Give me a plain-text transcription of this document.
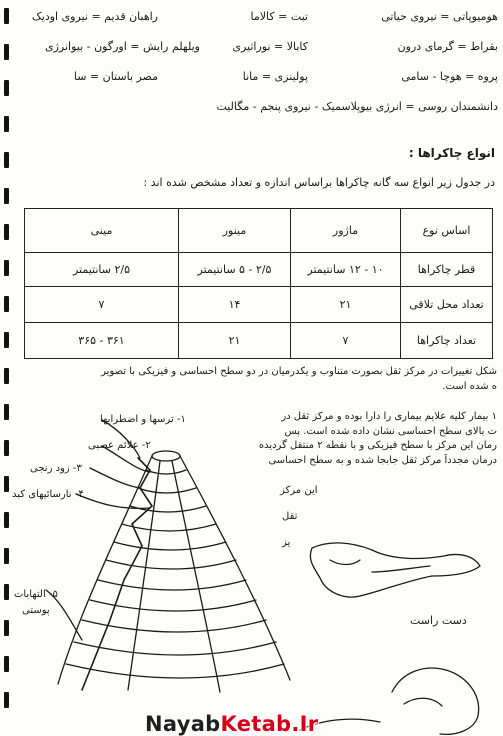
هومیوپاتی = نیروی حیاتی
تبت = کالاما
راهبان قدیم = نیروی اودیک
بقراط = گرمای درون
کابالا = نوراثیری
ویلهلم رایش = اورگون - بیوانرژی
پروه = هوچا - سامی
پولینزی = مانا
مصر باستان = سا
دانشمندان روسی = انرژی بیوپلاسمیک - نیروی پنجم - مگالیت
انواع چاکراها :
در جدول زیر انواع سه گانه چاکراها براساس اندازه و تعداد مشخص شده اند :
اساس نوع	ماژور	مینور	مینی
قطر چاکراها	۱۰ - ۱۲ سانتیمتر	۲/۵ - ۵ سانتیمتر	۲/۵ سانتیمتر
تعداد محل تلاقی	۲۱	۱۴	۷
تعداد چاکراها	۷	۲۱	۳۶۱ - ۳۶۵
شکل تغییرات در مرکز ثقل بصورت متناوب و یکدرمیان در دو سطح احساسی و فیزیکی با تصویر
ه شده است.
۱ بیمار کلیه علایم بیماری را دارا بوده و مرکز ثقل در
ت بالای سطح احساسی نشان داده شده است. پس
رمان این مرکز با سطح فیزیکی و با نقطه ۲ منتقل گردیده
درمان مجدداً مرکز ثقل جابجا شده و به سطح احساسی
این مرکز
تقل
یز
۱- ترسها و اضطرابها
۲- علائم عصبی
۳- زود رنجی
۴- نارسائیهای کبد
۵- التهابات
پوستی
دست راست
NayabKetab.Ir
